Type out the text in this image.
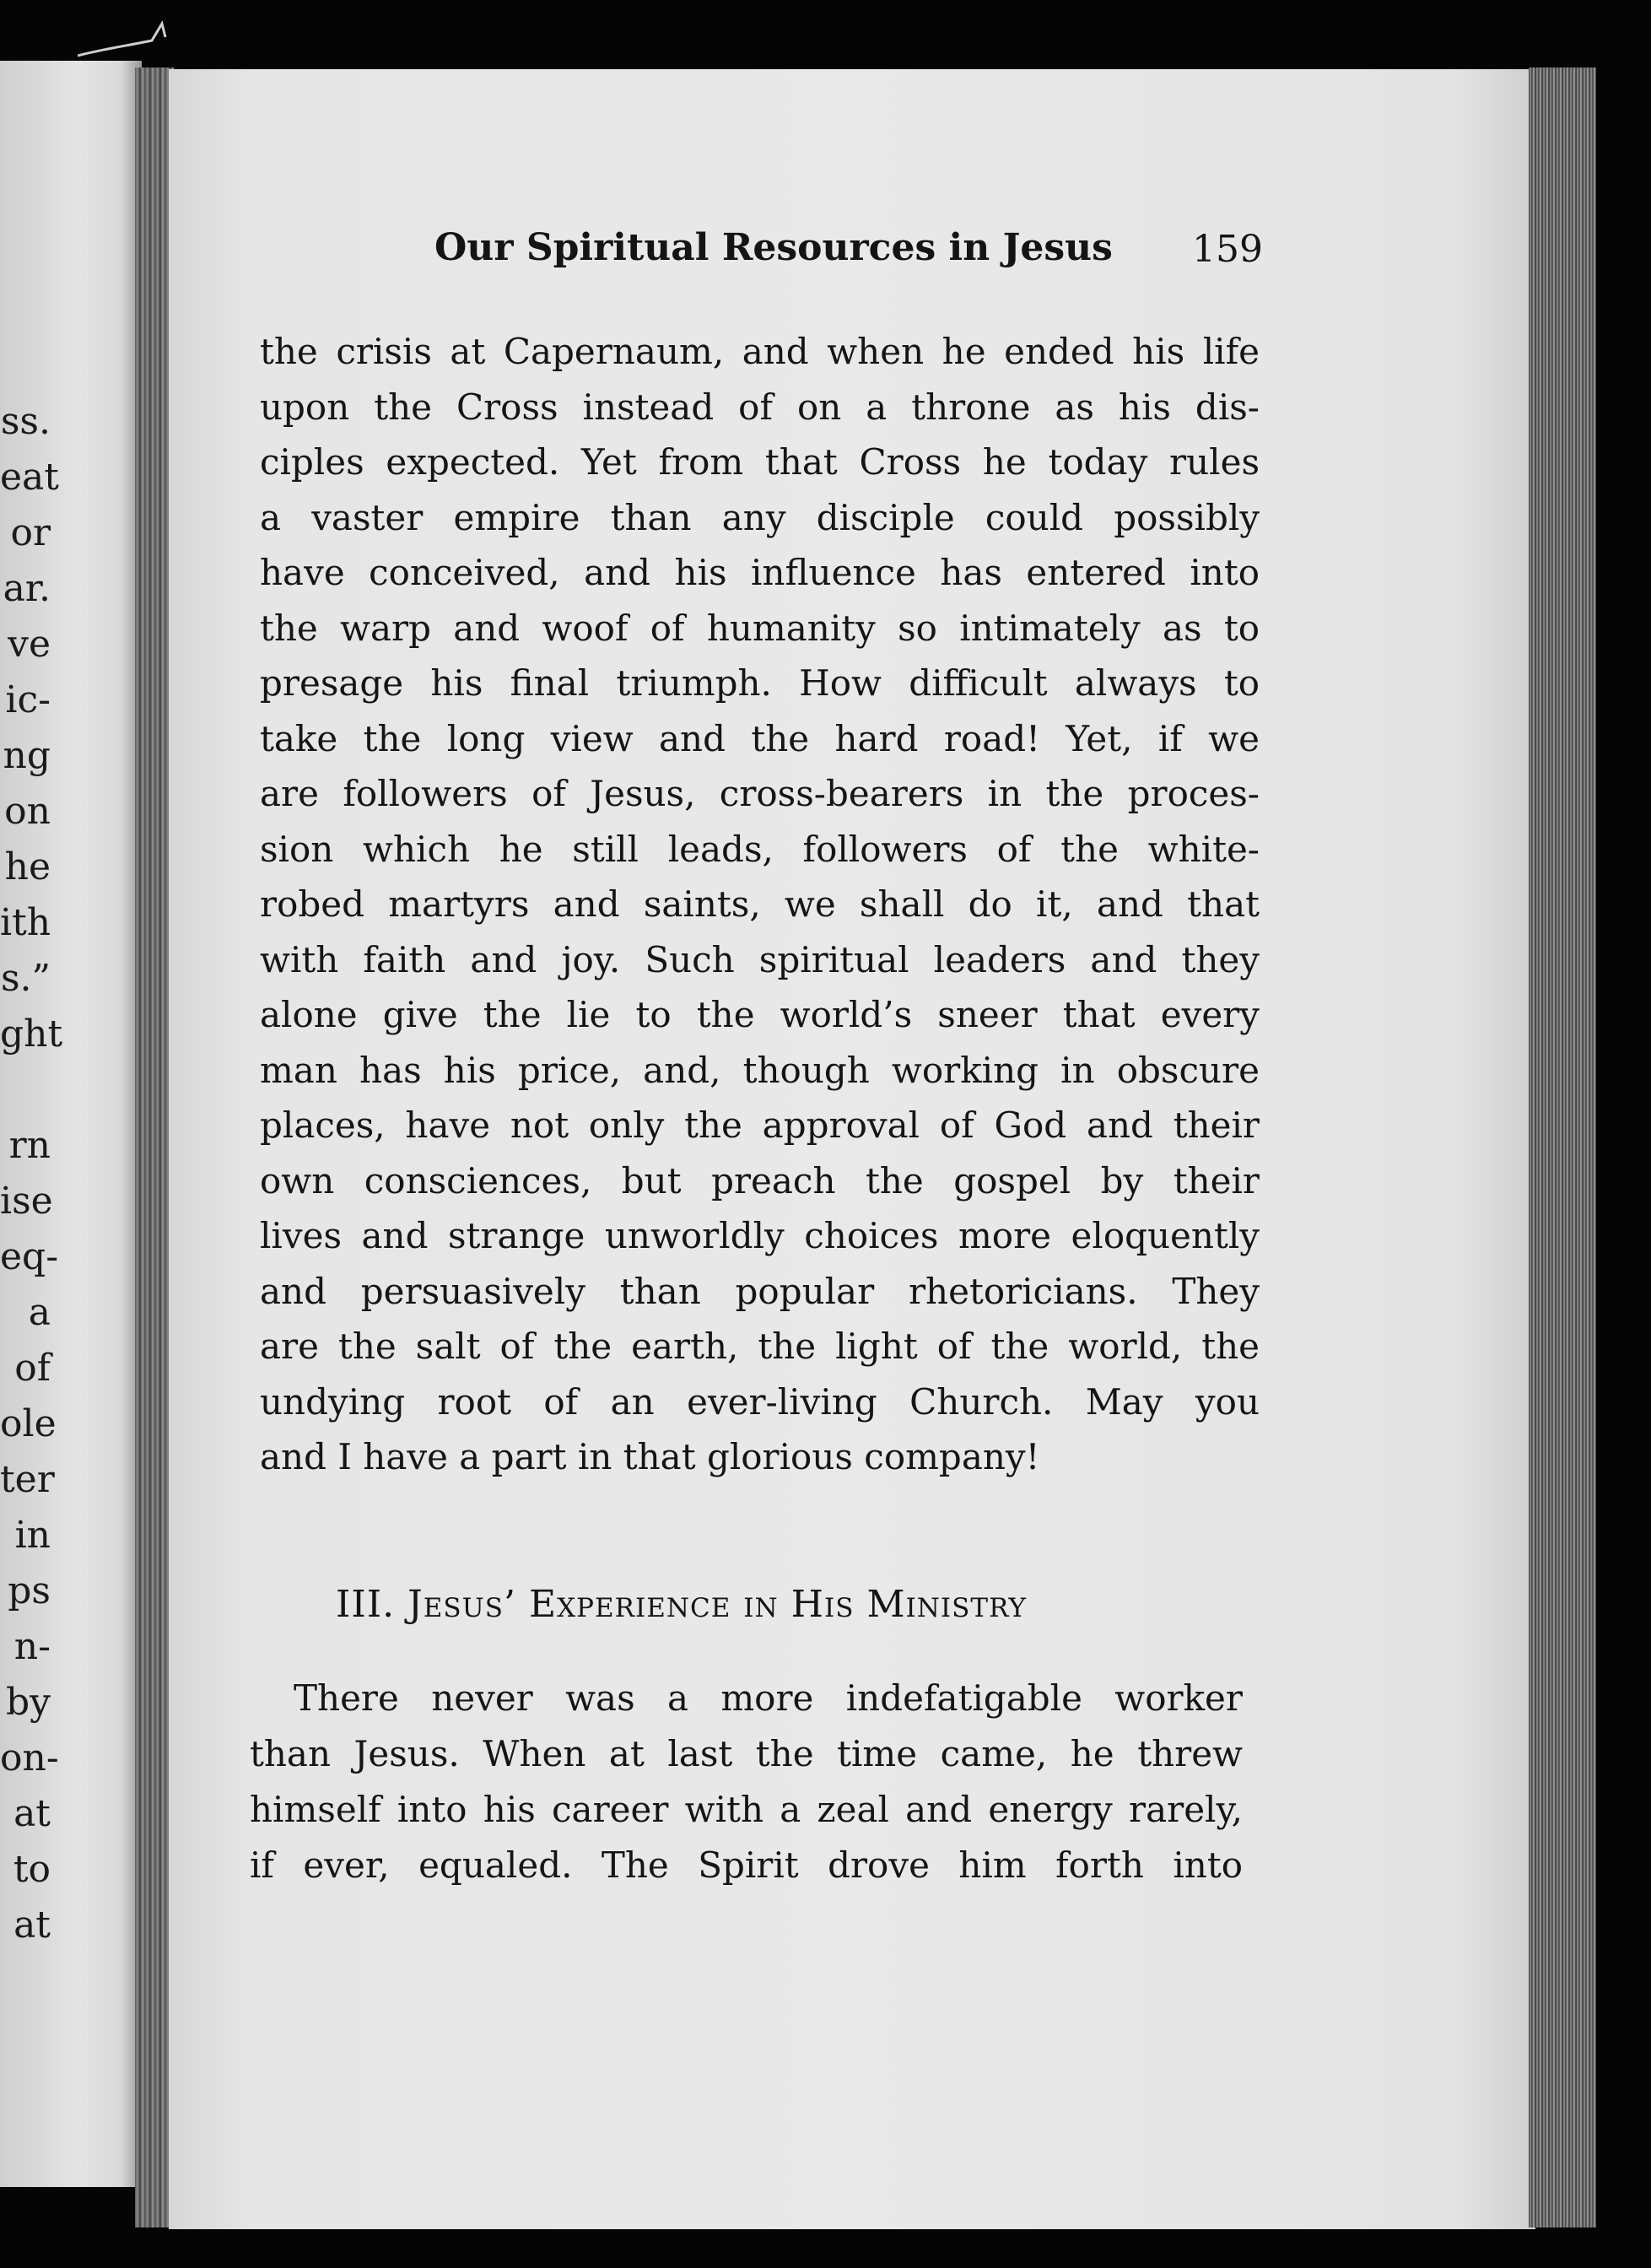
ss.
eat
or
ar.
ve
ic-
ng
on
he
ith
s.”
ght

rn
ise
eq-
a
of
ole
ter
in
ps
n-
by
on-
at
to
at
Our Spiritual Resources in Jesus 159
the crisis at Capernaum, and when he ended his life
upon the Cross instead of on a throne as his dis-
ciples expected. Yet from that Cross he today rules
a vaster empire than any disciple could possibly
have conceived, and his influence has entered into
the warp and woof of humanity so intimately as to
presage his final triumph. How difficult always to
take the long view and the hard road! Yet, if we
are followers of Jesus, cross-bearers in the proces-
sion which he still leads, followers of the white-
robed martyrs and saints, we shall do it, and that
with faith and joy. Such spiritual leaders and they
alone give the lie to the world’s sneer that every
man has his price, and, though working in obscure
places, have not only the approval of God and their
own consciences, but preach the gospel by their
lives and strange unworldly choices more eloquently
and persuasively than popular rhetoricians. They
are the salt of the earth, the light of the world, the
undying root of an ever-living Church. May you
and I have a part in that glorious company!
III. Jesus’ Experience in His Ministry
There never was a more indefatigable worker
than Jesus. When at last the time came, he threw
himself into his career with a zeal and energy rarely,
if ever, equaled. The Spirit drove him forth into
